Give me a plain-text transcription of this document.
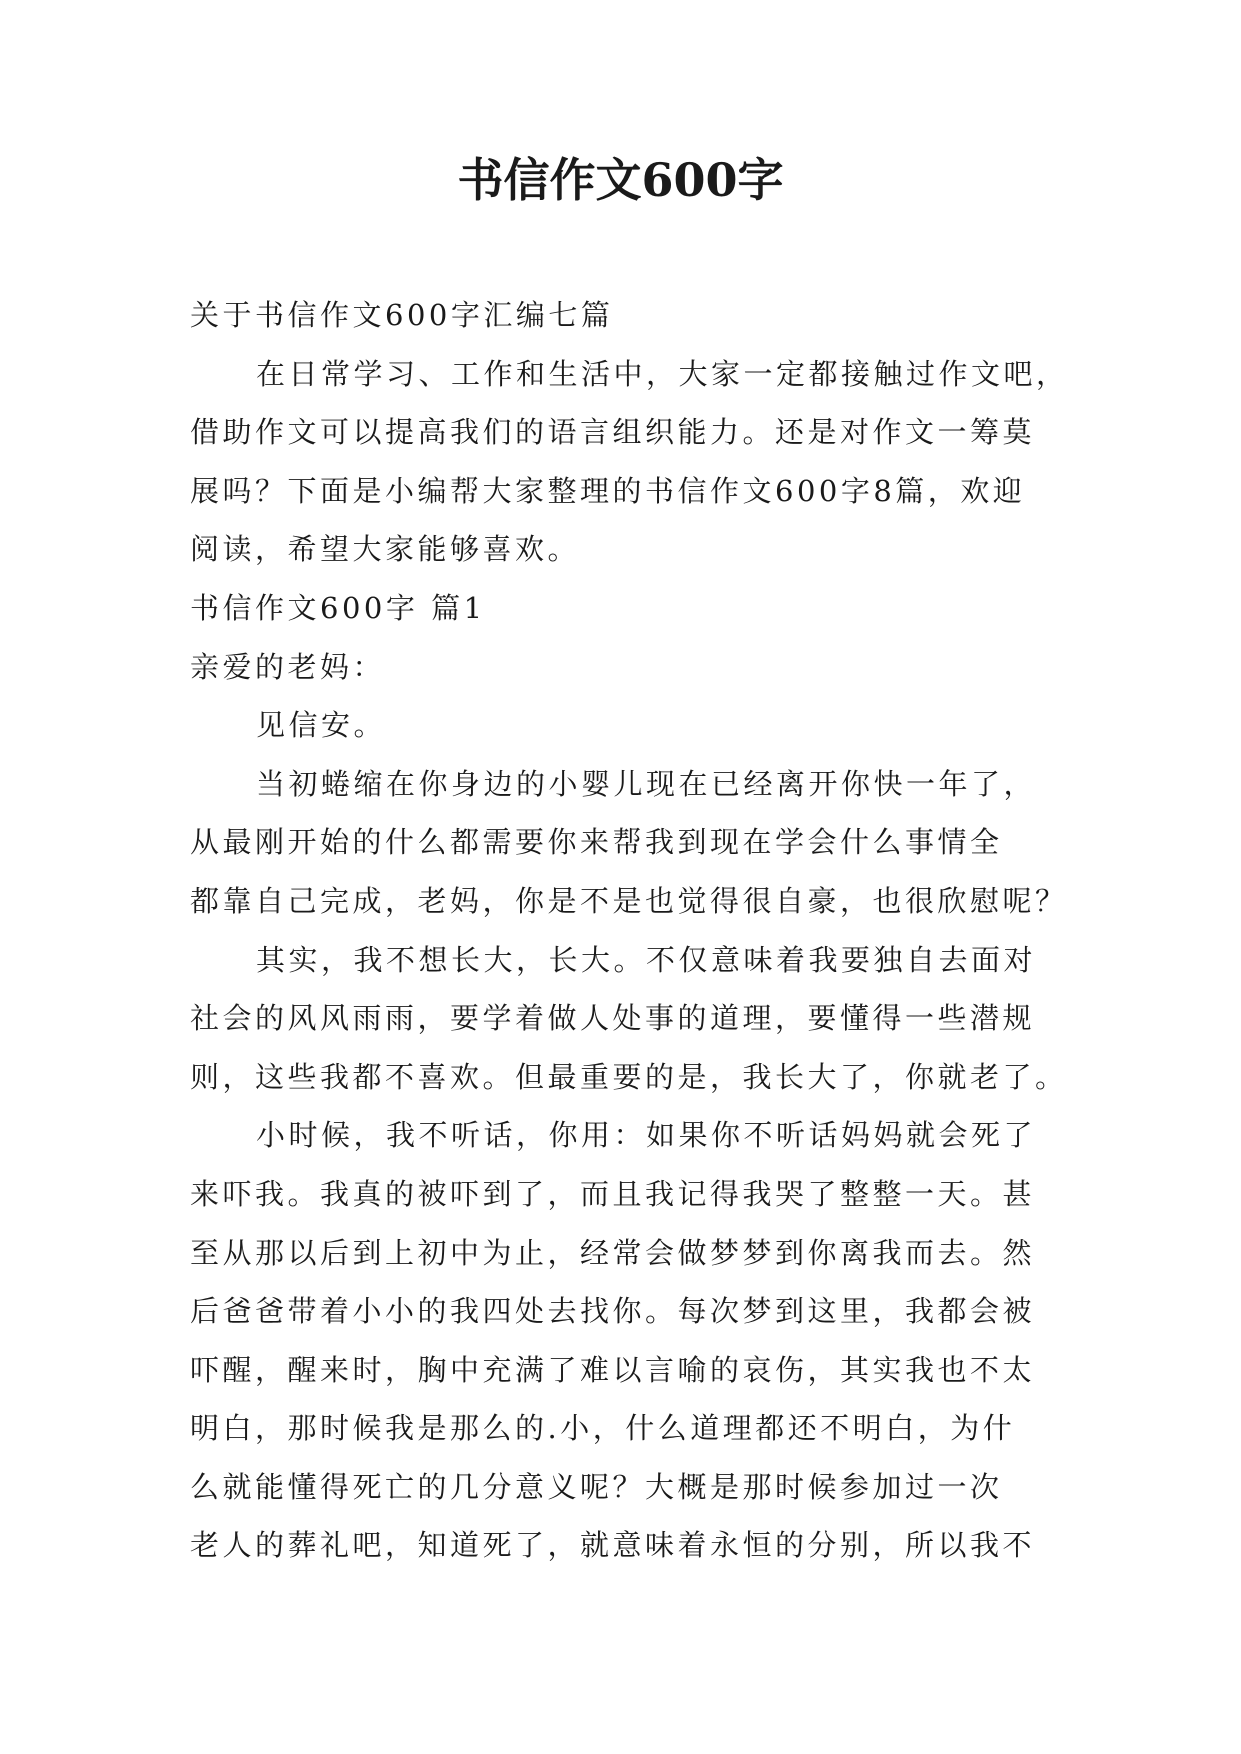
书信作文600字
关于书信作文600字汇编七篇
在日常学习、工作和生活中，大家一定都接触过作文吧，
借助作文可以提高我们的语言组织能力。还是对作文一筹莫
展吗？下面是小编帮大家整理的书信作文600字8篇，欢迎
阅读，希望大家能够喜欢。
书信作文600字 篇1
亲爱的老妈：
见信安。
当初蜷缩在你身边的小婴儿现在已经离开你快一年了，
从最刚开始的什么都需要你来帮我到现在学会什么事情全
都靠自己完成，老妈，你是不是也觉得很自豪，也很欣慰呢？
其实，我不想长大，长大。不仅意味着我要独自去面对
社会的风风雨雨，要学着做人处事的道理，要懂得一些潜规
则，这些我都不喜欢。但最重要的是，我长大了，你就老了。
小时候，我不听话，你用：如果你不听话妈妈就会死了
来吓我。我真的被吓到了，而且我记得我哭了整整一天。甚
至从那以后到上初中为止，经常会做梦梦到你离我而去。然
后爸爸带着小小的我四处去找你。每次梦到这里，我都会被
吓醒，醒来时，胸中充满了难以言喻的哀伤，其实我也不太
明白，那时候我是那么的.小，什么道理都还不明白，为什
么就能懂得死亡的几分意义呢？大概是那时候参加过一次
老人的葬礼吧，知道死了，就意味着永恒的分别，所以我不
